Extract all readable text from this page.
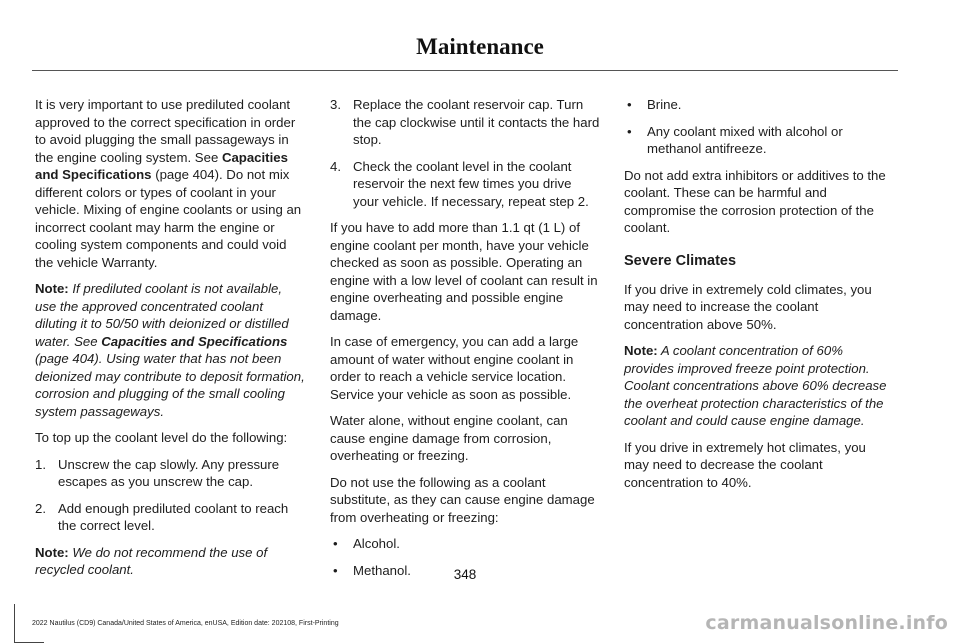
Maintenance

It is very important to use prediluted coolant approved to the correct specification in order to avoid plugging the small passageways in the engine cooling system. See Capacities and Specifications (page 404). Do not mix different colors or types of coolant in your vehicle. Mixing of engine coolants or using an incorrect coolant may harm the engine or cooling system components and could void the vehicle Warranty.

Note: If prediluted coolant is not available, use the approved concentrated coolant diluting it to 50/50 with deionized or distilled water. See Capacities and Specifications (page 404). Using water that has not been deionized may contribute to deposit formation, corrosion and plugging of the small cooling system passageways.

To top up the coolant level do the following:

1. Unscrew the cap slowly. Any pressure escapes as you unscrew the cap.
2. Add enough prediluted coolant to reach the correct level.

Note: We do not recommend the use of recycled coolant.

3. Replace the coolant reservoir cap. Turn the cap clockwise until it contacts the hard stop.
4. Check the coolant level in the coolant reservoir the next few times you drive your vehicle. If necessary, repeat step 2.

If you have to add more than 1.1 qt (1 L) of engine coolant per month, have your vehicle checked as soon as possible. Operating an engine with a low level of coolant can result in engine overheating and possible engine damage.

In case of emergency, you can add a large amount of water without engine coolant in order to reach a vehicle service location. Service your vehicle as soon as possible.

Water alone, without engine coolant, can cause engine damage from corrosion, overheating or freezing.

Do not use the following as a coolant substitute, as they can cause engine damage from overheating or freezing:

• Alcohol.
• Methanol.
• Brine.
• Any coolant mixed with alcohol or methanol antifreeze.

Do not add extra inhibitors or additives to the coolant. These can be harmful and compromise the corrosion protection of the coolant.

Severe Climates

If you drive in extremely cold climates, you may need to increase the coolant concentration above 50%.

Note: A coolant concentration of 60% provides improved freeze point protection. Coolant concentrations above 60% decrease the overheat protection characteristics of the coolant and could cause engine damage.

If you drive in extremely hot climates, you may need to decrease the coolant concentration to 40%.

348
2022 Nautilus (CD9) Canada/United States of America, enUSA, Edition date: 202108, First-Printing	carmanualsonline.info
